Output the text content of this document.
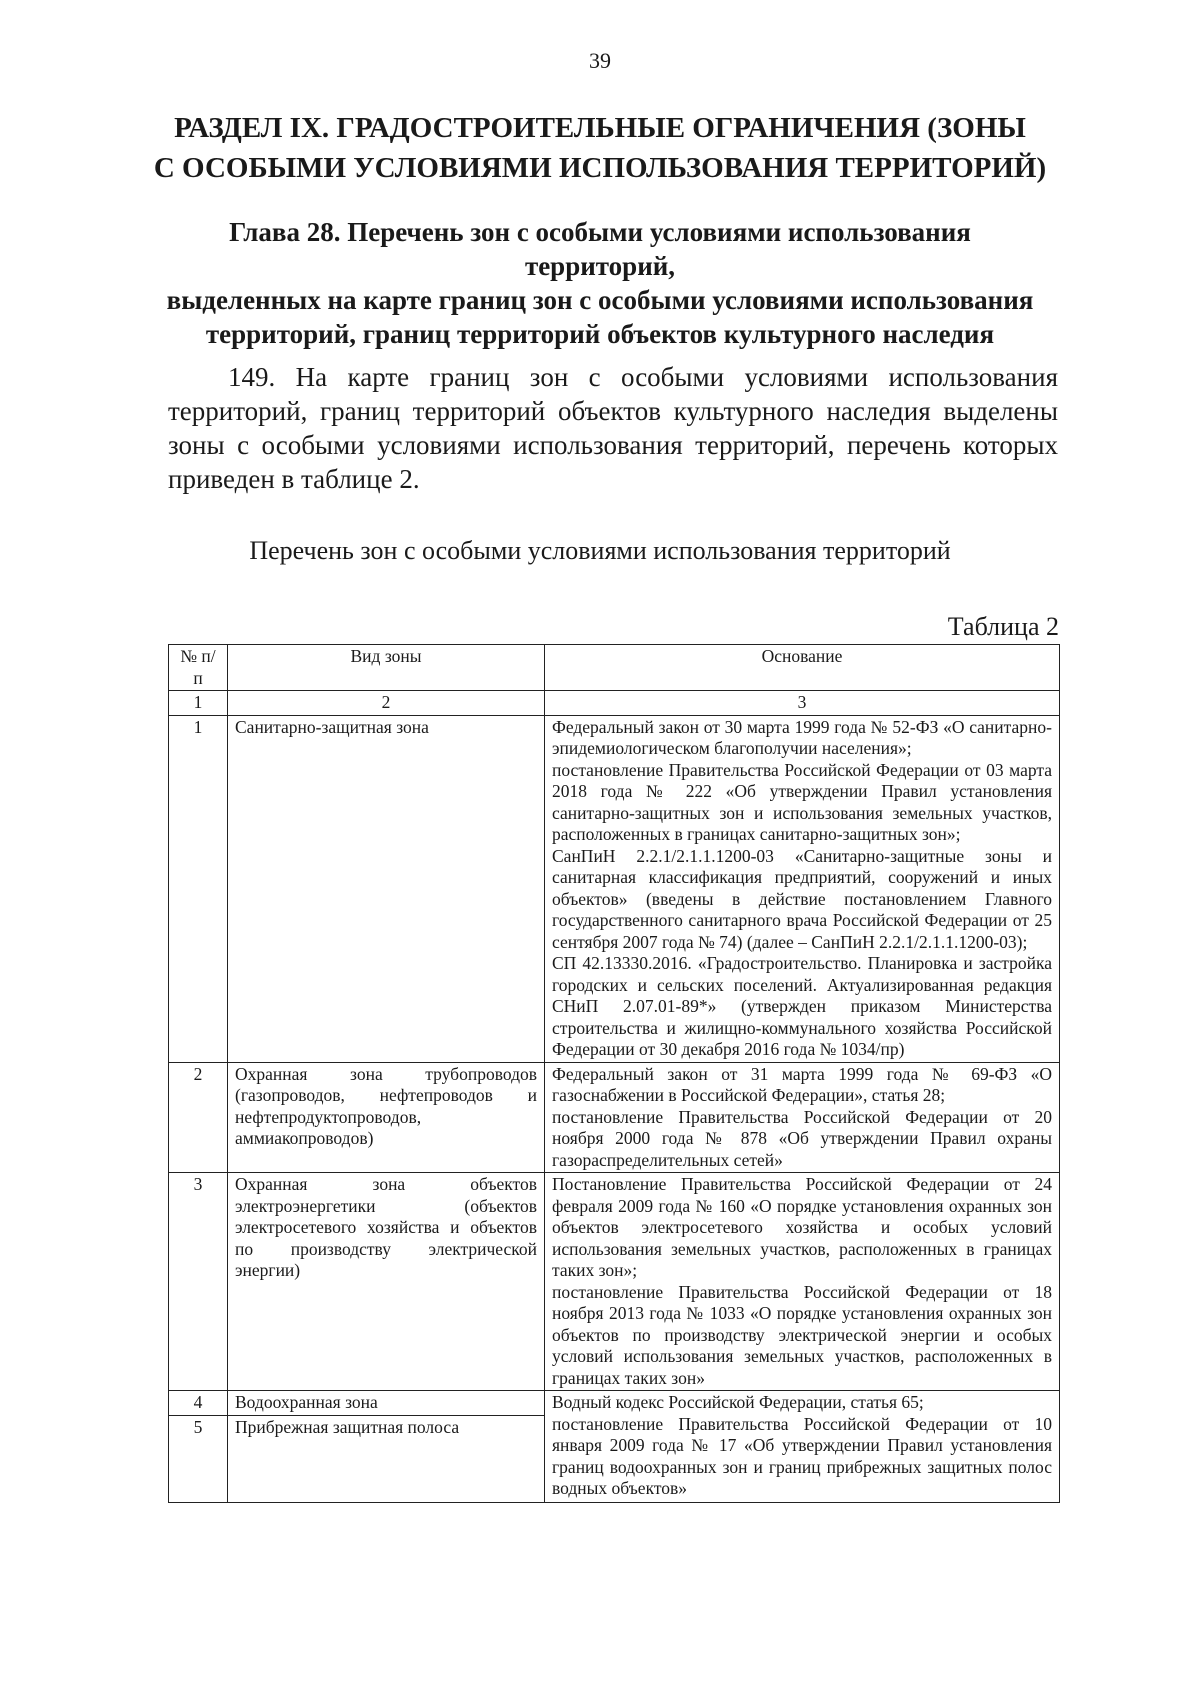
39
РАЗДЕЛ IX. ГРАДОСТРОИТЕЛЬНЫЕ ОГРАНИЧЕНИЯ (ЗОНЫ
С ОСОБЫМИ УСЛОВИЯМИ ИСПОЛЬЗОВАНИЯ ТЕРРИТОРИЙ)
Глава 28. Перечень зон с особыми условиями использования территорий,
выделенных на карте границ зон с особыми условиями использования
территорий, границ территорий объектов культурного наследия

149. На карте границ зон с особыми условиями использования территорий, границ территорий объектов культурного наследия выделены зоны с особыми условиями использования территорий, перечень которых приведен в таблице 2.

Перечень зон с особыми условиями использования территорий
Таблица 2
№ п/п	Вид зоны	Основание
1	2	3
1	Санитарно-защитная зона	Федеральный закон от 30 марта 1999 года № 52-ФЗ «О санитарно-эпидемиологическом благополучии населения»;
постановление Правительства Российской Федерации от 03 марта 2018 года № 222 «Об утверждении Правил установления санитарно-защитных зон и использования земельных участков, расположенных в границах санитарно-защитных зон»;
СанПиН 2.2.1/2.1.1.1200-03 «Санитарно-защитные зоны и санитарная классификация предприятий, сооружений и иных объектов» (введены в действие постановлением Главного государственного санитарного врача Российской Федерации от 25 сентября 2007 года № 74) (далее – СанПиН 2.2.1/2.1.1.1200-03);
СП 42.13330.2016. «Градостроительство. Планировка и застройка городских и сельских поселений. Актуализированная редакция СНиП 2.07.01-89*» (утвержден приказом Министерства строительства и жилищно-коммунального хозяйства Российской Федерации от 30 декабря 2016 года № 1034/пр)

2	Охранная зона трубопроводов (газопроводов, нефтепроводов и нефтепродуктопроводов, аммиакопроводов)	Федеральный закон от 31 марта 1999 года № 69-ФЗ «О газоснабжении в Российской Федерации», статья 28;
постановление Правительства Российской Федерации от 20 ноября 2000 года № 878 «Об утверждении Правил охраны газораспределительных сетей»

3	Охранная зона объектов электроэнергетики (объектов электросетевого хозяйства и объектов по производству электрической энергии)	Постановление Правительства Российской Федерации от 24 февраля 2009 года № 160 «О порядке установления охранных зон объектов электросетевого хозяйства и особых условий использования земельных участков, расположенных в границах таких зон»;
постановление Правительства Российской Федерации от 18 ноября 2013 года № 1033 «О порядке установления охранных зон объектов по производству электрической энергии и особых условий использования земельных участков, расположенных в границах таких зон»

4	Водоохранная зона	Водный кодекс Российской Федерации, статья 65;
постановление Правительства Российской Федерации от 10 января 2009 года № 17 «Об утверждении Правил установления границ водоохранных зон и границ прибрежных защитных полос водных объектов»

5	Прибрежная защитная полоса	
